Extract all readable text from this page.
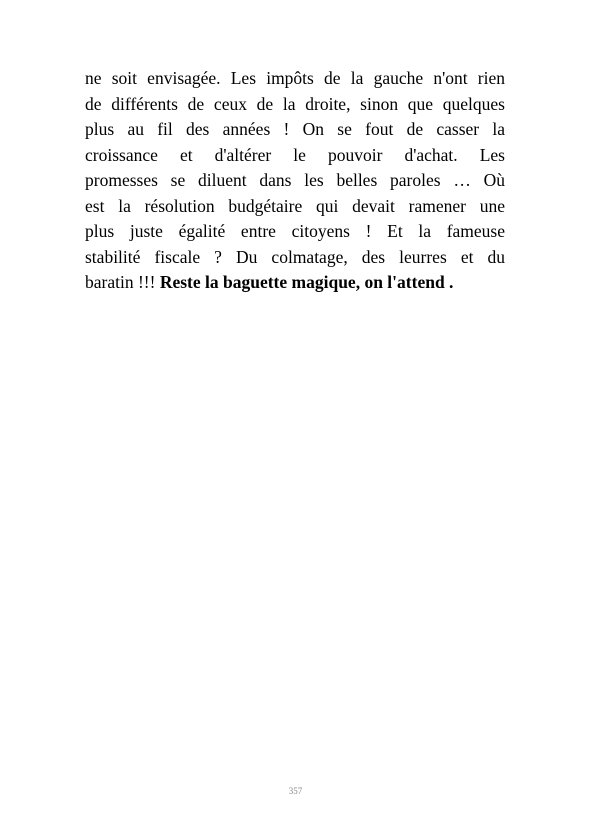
ne soit envisagée. Les impôts de la gauche n'ont rien
de différents de ceux de la droite, sinon que quelques
plus au fil des années ! On se fout de casser la
croissance et d'altérer le pouvoir d'achat. Les
promesses se diluent dans les belles paroles … Où
est la résolution budgétaire qui devait ramener une
plus juste égalité entre citoyens ! Et la fameuse
stabilité fiscale ? Du colmatage, des leurres et du
baratin !!! Reste la baguette magique, on l'attend .
357
